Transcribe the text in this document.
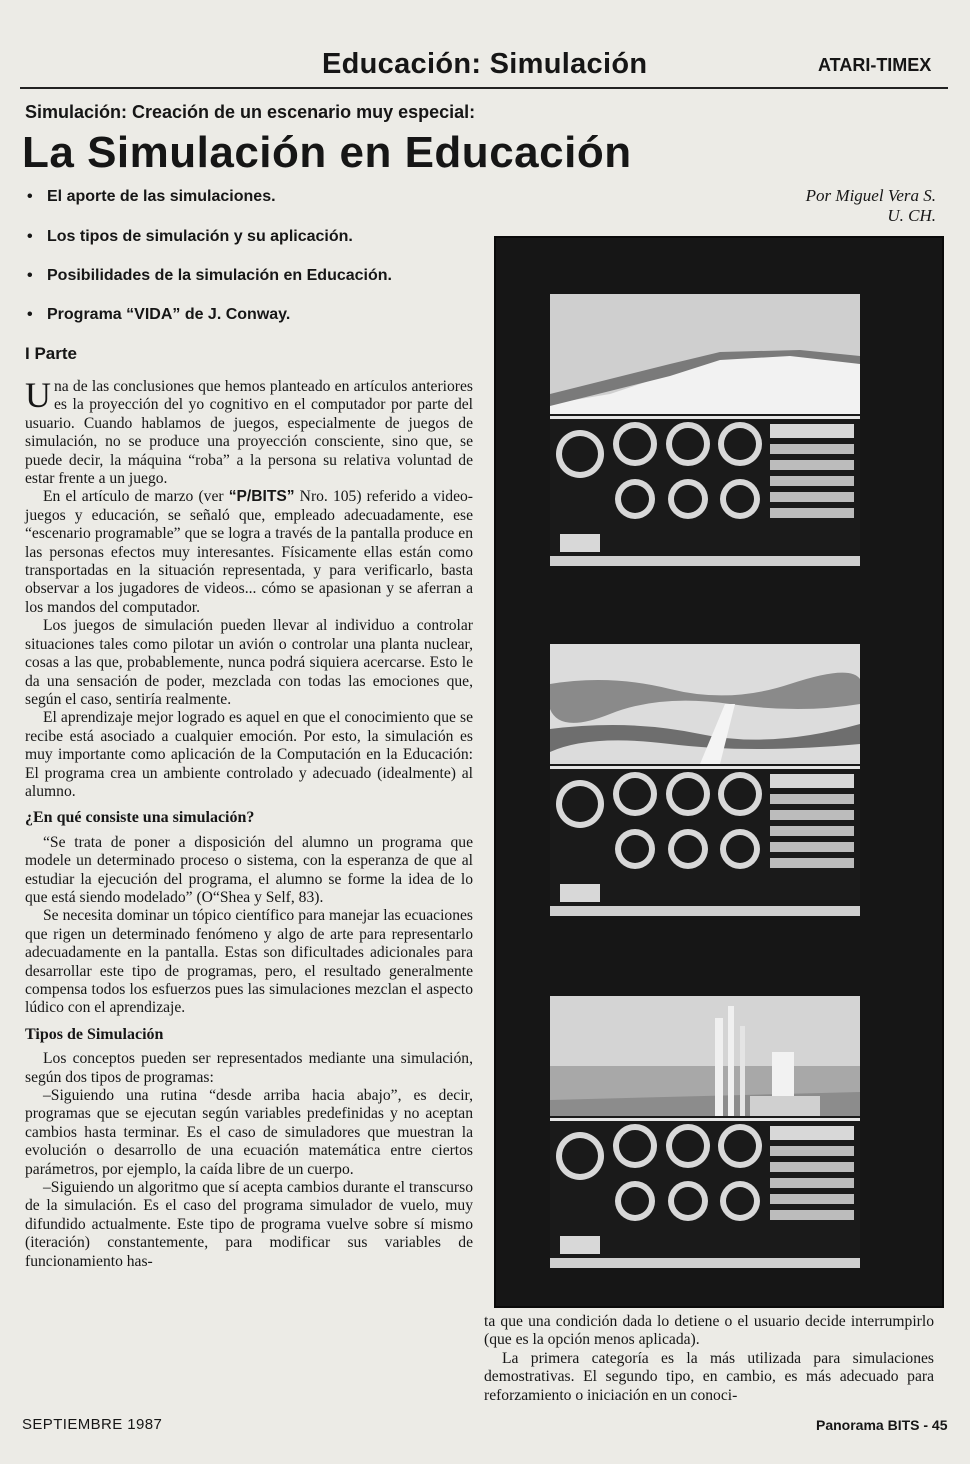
Educación: Simulación	ATARI-TIMEX
Simulación: Creación de un escenario muy especial:
La Simulación en Educación
• El aporte de las simulaciones.
• Los tipos de simulación y su aplicación.
• Posibilidades de la simulación en Educación.
• Programa “VIDA” de J. Conway.
Por Miguel Vera S.
U. CH.
I Parte

Una de las conclusiones que hemos planteado en artículos anteriores es la proyección del yo cognitivo en el computador por parte del usuario. Cuando hablamos de juegos, especialmente de juegos de simulación, no se produce una proyección consciente, sino que, se puede decir, la máquina “roba” a la persona su relativa voluntad de estar frente a un juego.

En el artículo de marzo (ver “P/BITS” Nro. 105) referido a video-juegos y educación, se señaló que, empleado adecuadamente, ese “escenario programable” que se logra a través de la pantalla produce en las personas efectos muy interesantes. Físicamente ellas están como transportadas en la situación representada, y para verificarlo, basta observar a los jugadores de videos... cómo se apasionan y se aferran a los mandos del computador.

Los juegos de simulación pueden llevar al individuo a controlar situaciones tales como pilotar un avión o controlar una planta nuclear, cosas a las que, probablemente, nunca podrá siquiera acercarse. Esto le da una sensación de poder, mezclada con todas las emociones que, según el caso, sentiría realmente.

El aprendizaje mejor logrado es aquel en que el conocimiento que se recibe está asociado a cualquier emoción. Por esto, la simulación es muy importante como aplicación de la Computación en la Educación: El programa crea un ambiente controlado y adecuado (idealmente) al alumno.

¿En qué consiste una simulación?

“Se trata de poner a disposición del alumno un programa que modele un determinado proceso o sistema, con la esperanza de que al estudiar la ejecución del programa, el alumno se forme la idea de lo que está siendo modelado” (O“Shea y Self, 83).

Se necesita dominar un tópico científico para manejar las ecuaciones que rigen un determinado fenómeno y algo de arte para representarlo adecuadamente en la pantalla. Estas son dificultades adicionales para desarrollar este tipo de programas, pero, el resultado generalmente compensa todos los esfuerzos pues las simulaciones mezclan el aspecto lúdico con el aprendizaje.

Tipos de Simulación

Los conceptos pueden ser representados mediante una simulación, según dos tipos de programas:

–Siguiendo una rutina “desde arriba hacia abajo”, es decir, programas que se ejecutan según variables predefinidas y no aceptan cambios hasta terminar. Es el caso de simuladores que muestran la evolución o desarrollo de una ecuación matemática entre ciertos parámetros, por ejemplo, la caída libre de un cuerpo.

–Siguiendo un algoritmo que sí acepta cambios durante el transcurso de la simulación. Es el caso del programa simulador de vuelo, muy difundido actualmente. Este tipo de programa vuelve sobre sí mismo (iteración) constantemente, para modificar sus variables de funcionamiento has-

ta que una condición dada lo detiene o el usuario decide interrumpirlo (que es la opción menos aplicada).

La primera categoría es la más utilizada para simulaciones demostrativas. El segundo tipo, en cambio, es más adecuado para reforzamiento o iniciación en un conoci-

SEPTIEMBRE 1987	Panorama BITS - 45
